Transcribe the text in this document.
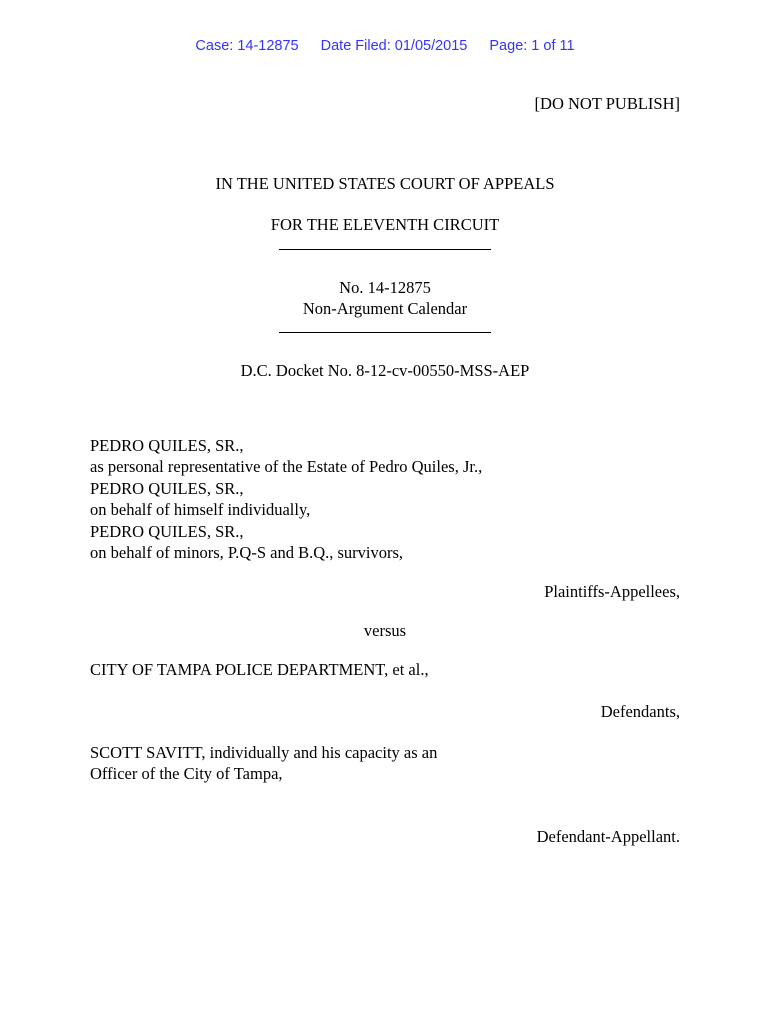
Case: 14-12875 Date Filed: 01/05/2015 Page: 1 of 11
[DO NOT PUBLISH]
IN THE UNITED STATES COURT OF APPEALS
FOR THE ELEVENTH CIRCUIT
No. 14-12875
Non-Argument Calendar
D.C. Docket No. 8-12-cv-00550-MSS-AEP
PEDRO QUILES, SR.,
as personal representative of the Estate of Pedro Quiles, Jr.,
PEDRO QUILES, SR.,
on behalf of himself individually,
PEDRO QUILES, SR.,
on behalf of minors, P.Q-S and B.Q., survivors,
Plaintiffs-Appellees,
versus
CITY OF TAMPA POLICE DEPARTMENT, et al.,
Defendants,
SCOTT SAVITT, individually and his capacity as an
Officer of the City of Tampa,
Defendant-Appellant.
